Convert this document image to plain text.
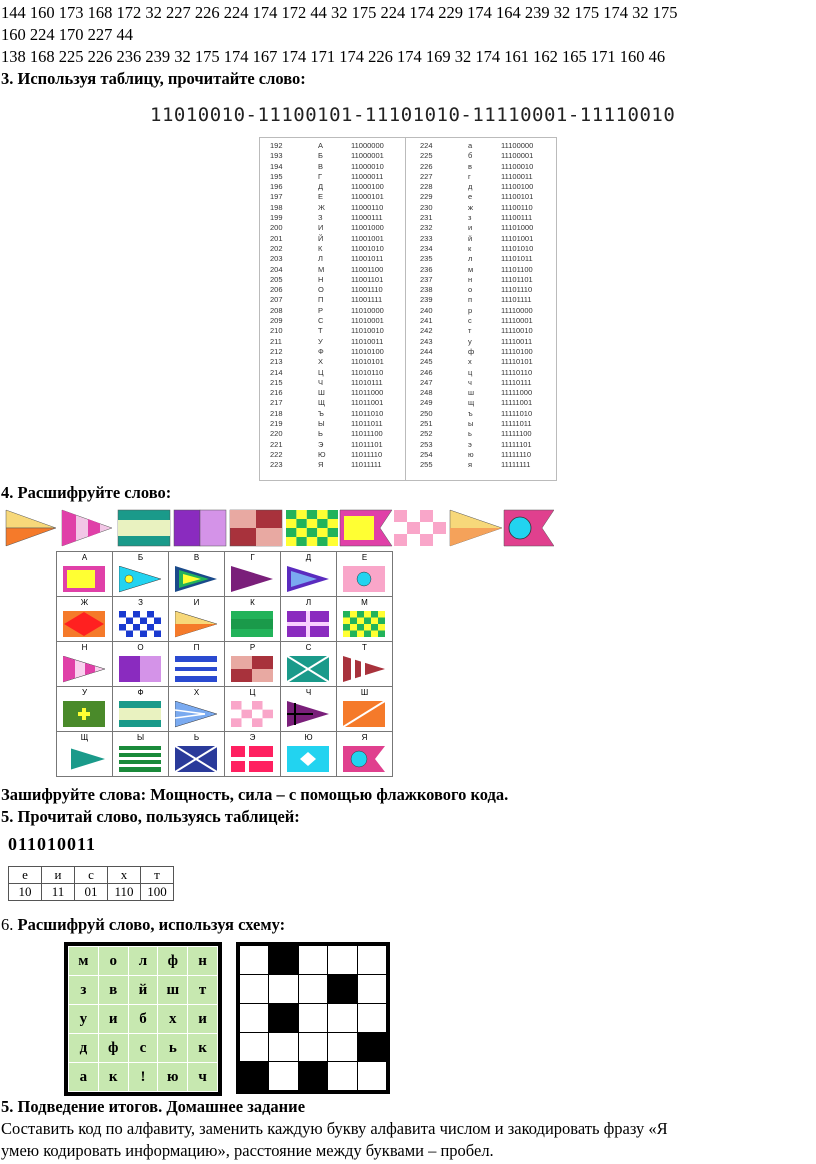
144 160 173 168 172 32 227 226 224 174 172 44 32 175 224 174 229 174 164 239 32 175 174 32 175
160 224 170 227 44
138 168 225 226 236 239 32 175 174 167 174 171 174 226 174 169 32 174 161 162 165 171 160 46
3. Используя таблицу, прочитайте слово:
11010010-11100101-11101010-11110001-11110010
192	А	11000000
193	Б	11000001
194	В	11000010
195	Г	11000011
196	Д	11000100
197	Е	11000101
198	Ж	11000110
199	З	11000111
200	И	11001000
201	Й	11001001
202	К	11001010
203	Л	11001011
204	М	11001100
205	Н	11001101
206	О	11001110
207	П	11001111
208	Р	11010000
209	С	11010001
210	Т	11010010
211	У	11010011
212	Ф	11010100
213	Х	11010101
214	Ц	11010110
215	Ч	11010111
216	Ш	11011000
217	Щ	11011001
218	Ъ	11011010
219	Ы	11011011
220	Ь	11011100
221	Э	11011101
222	Ю	11011110
223	Я	11011111
224	а	11100000
225	б	11100001
226	в	11100010
227	г	11100011
228	д	11100100
229	е	11100101
230	ж	11100110
231	з	11100111
232	и	11101000
233	й	11101001
234	к	11101010
235	л	11101011
236	м	11101100
237	н	11101101
238	о	11101110
239	п	11101111
240	р	11110000
241	с	11110001
242	т	11110010
243	у	11110011
244	ф	11110100
245	х	11110101
246	ц	11110110
247	ч	11110111
248	ш	11111000
249	щ	11111001
250	ъ	11111010
251	ы	11111011
252	ь	11111100
253	э	11111101
254	ю	11111110
255	я	11111111
4. Расшифруйте слово:
А	Б	В	Г	Д	Е

Ж	З	И	К	Л	М

Н	О	П	Р	С	Т

У	Ф	Х	Ц	Ч	Ш

Щ	Ы	Ь	Э	Ю	Я
Зашифруйте слова: Мощность, сила – с помощью флажкового кода.
5. Прочитай слово, пользуясь таблицей:
011010011
е	и	с	х	т
10	11	01	110	100
6. Расшифруй слово, используя схему:
м	о	л	ф	н
з	в	й	ш	т
у	и	б	х	и
д	ф	с	ь	к
а	к	!	ю	ч

5. Подведение итогов. Домашнее задание
Составить код по алфавиту, заменить каждую букву алфавита числом и закодировать фразу «Я
умею кодировать информацию», расстояние между буквами – пробел.
